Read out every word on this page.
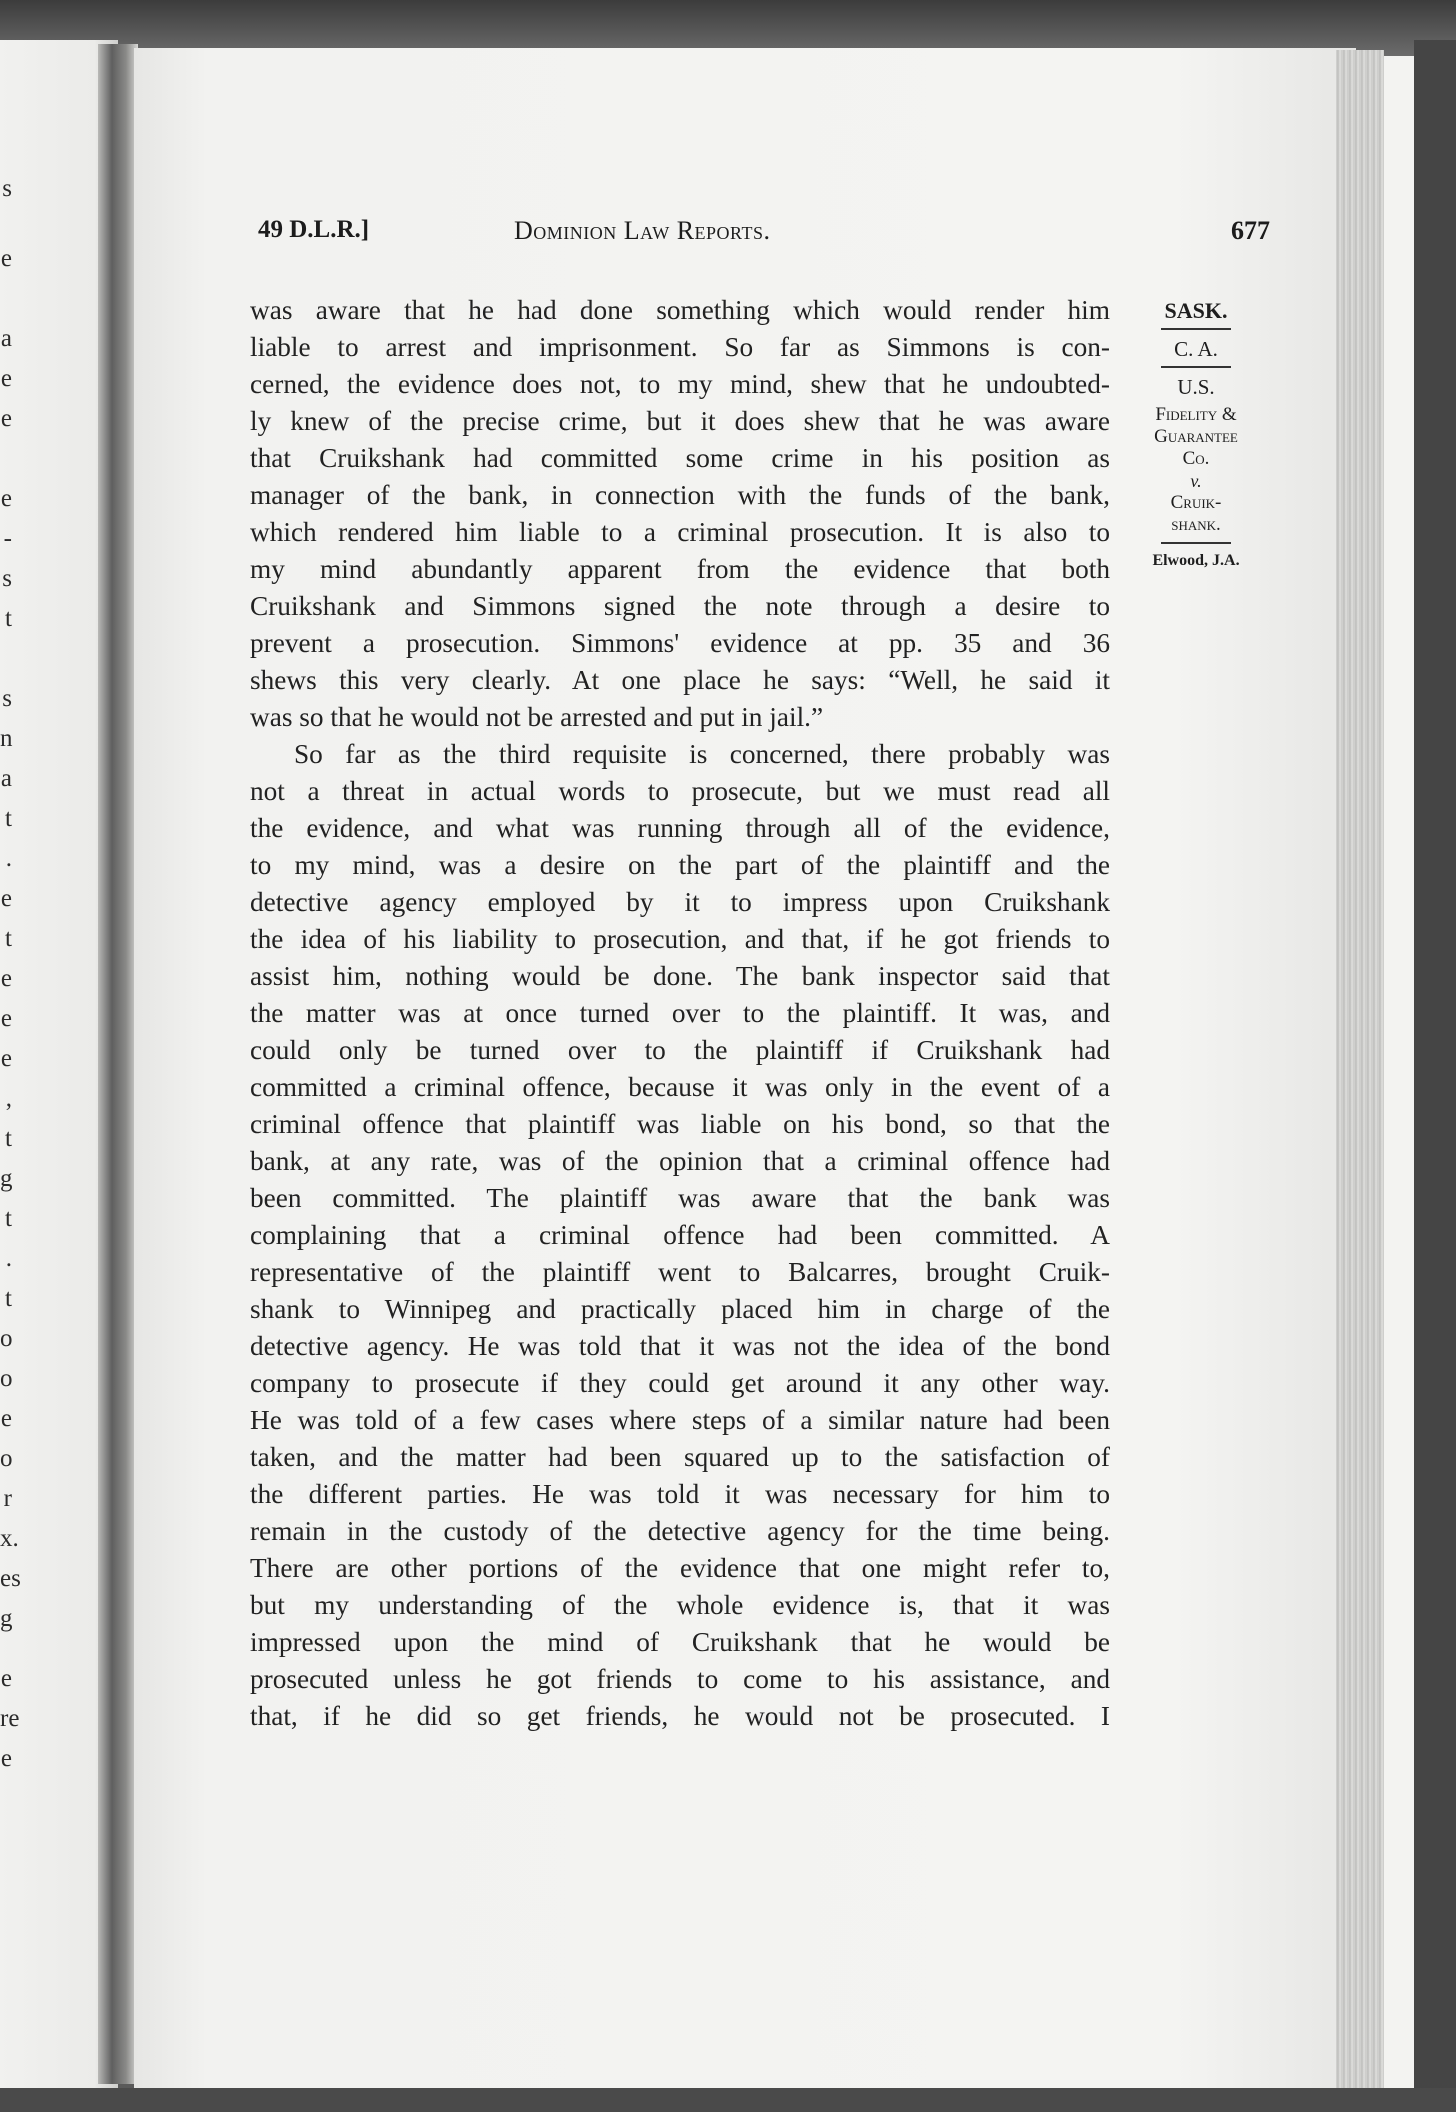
s
e
a
e
e
e
-
s
t
s
n
a
t
.
e
t
e
e
e
,
t
g
t
.
t
o
o
e
o
r
x.
es
g
e
re
e
49 D.L.R.]	Dominion Law Reports.	677
was aware that he had done something which would render him
liable to arrest and imprisonment. So far as Simmons is con-
cerned, the evidence does not, to my mind, shew that he undoubted-
ly knew of the precise crime, but it does shew that he was aware
that Cruikshank had committed some crime in his position as
manager of the bank, in connection with the funds of the bank,
which rendered him liable to a criminal prosecution. It is also to
my mind abundantly apparent from the evidence that both
Cruikshank and Simmons signed the note through a desire to
prevent a prosecution. Simmons' evidence at pp. 35 and 36
shews this very clearly. At one place he says: “Well, he said it
was so that he would not be arrested and put in jail.”
So far as the third requisite is concerned, there probably was
not a threat in actual words to prosecute, but we must read all
the evidence, and what was running through all of the evidence,
to my mind, was a desire on the part of the plaintiff and the
detective agency employed by it to impress upon Cruikshank
the idea of his liability to prosecution, and that, if he got friends to
assist him, nothing would be done. The bank inspector said that
the matter was at once turned over to the plaintiff. It was, and
could only be turned over to the plaintiff if Cruikshank had
committed a criminal offence, because it was only in the event of a
criminal offence that plaintiff was liable on his bond, so that the
bank, at any rate, was of the opinion that a criminal offence had
been committed. The plaintiff was aware that the bank was
complaining that a criminal offence had been committed. A
representative of the plaintiff went to Balcarres, brought Cruik-
shank to Winnipeg and practically placed him in charge of the
detective agency. He was told that it was not the idea of the bond
company to prosecute if they could get around it any other way.
He was told of a few cases where steps of a similar nature had been
taken, and the matter had been squared up to the satisfaction of
the different parties. He was told it was necessary for him to
remain in the custody of the detective agency for the time being.
There are other portions of the evidence that one might refer to,
but my understanding of the whole evidence is, that it was
impressed upon the mind of Cruikshank that he would be
prosecuted unless he got friends to come to his assistance, and
that, if he did so get friends, he would not be prosecuted. I
SASK.
C. A.
U.S.
Fidelity &
Guarantee
Co.
v.
Cruik-
shank.
Elwood, J.A.
